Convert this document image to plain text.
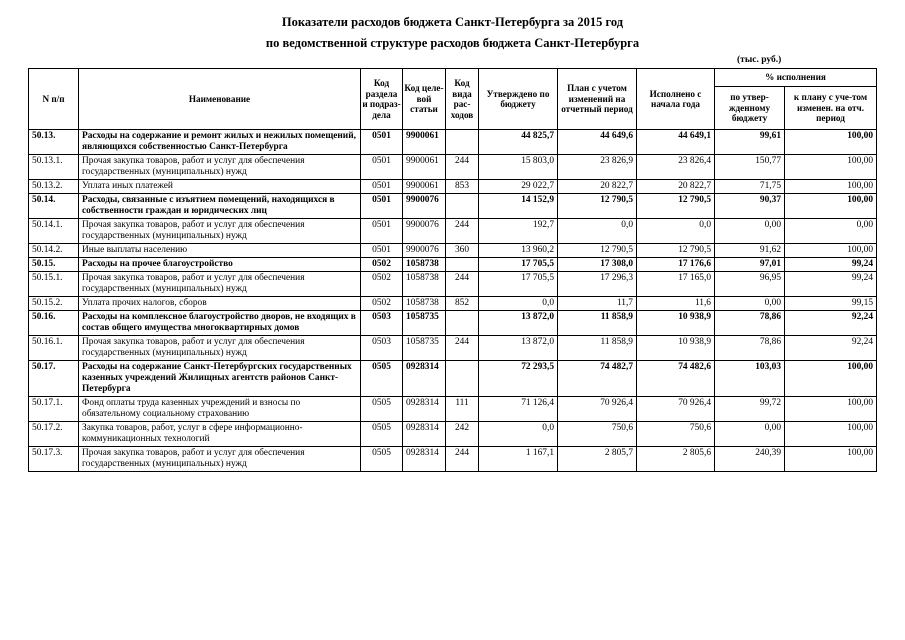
Показатели расходов бюджета Санкт-Петербурга за 2015 год
по ведомственной структуре расходов бюджета Санкт-Петербурга
(тыс. руб.)
N п/п	Наименование	Код раздела и подраз-дела	Код целе-вой статьи	Код вида рас-ходов	Утверждено по бюджету	План с учетом изменений на отчетный период	Исполнено с начала года	% исполнения	
								по утвер-жденному бюджету	к плану с уче-том изменен. на отч. период
50.13.	Расходы на содержание и ремонт жилых и нежилых помещений, являющихся собственностью Санкт-Петербурга	0501	9900061		44 825,7	44 649,6	44 649,1	99,61	100,00
50.13.1.	Прочая закупка товаров, работ и услуг для обеспечения государственных (муниципальных) нужд	0501	9900061	244	15 803,0	23 826,9	23 826,4	150,77	100,00
50.13.2.	Уплата иных платежей	0501	9900061	853	29 022,7	20 822,7	20 822,7	71,75	100,00
50.14.	Расходы, связанные с изъятием помещений, находящихся в собственности граждан и юридических лиц	0501	9900076		14 152,9	12 790,5	12 790,5	90,37	100,00
50.14.1.	Прочая закупка товаров, работ и услуг для обеспечения государственных (муниципальных) нужд	0501	9900076	244	192,7	0,0	0,0	0,00	0,00
50.14.2.	Иные выплаты населению	0501	9900076	360	13 960,2	12 790,5	12 790,5	91,62	100,00
50.15.	Расходы на прочее благоустройство	0502	1058738		17 705,5	17 308,0	17 176,6	97,01	99,24
50.15.1.	Прочая закупка товаров, работ и услуг для обеспечения государственных (муниципальных) нужд	0502	1058738	244	17 705,5	17 296,3	17 165,0	96,95	99,24
50.15.2.	Уплата прочих налогов, сборов	0502	1058738	852	0,0	11,7	11,6	0,00	99,15
50.16.	Расходы на комплексное благоустройство дворов, не входящих в состав общего имущества многоквартирных домов	0503	1058735		13 872,0	11 858,9	10 938,9	78,86	92,24
50.16.1.	Прочая закупка товаров, работ и услуг для обеспечения государственных (муниципальных) нужд	0503	1058735	244	13 872,0	11 858,9	10 938,9	78,86	92,24
50.17.	Расходы на содержание Санкт-Петербургских государственных казенных учреждений Жилищных агентств районов Санкт-Петербурга	0505	0928314		72 293,5	74 482,7	74 482,6	103,03	100,00
50.17.1.	Фонд оплаты труда казенных учреждений и взносы по обязательному социальному страхованию	0505	0928314	111	71 126,4	70 926,4	70 926,4	99,72	100,00
50.17.2.	Закупка товаров, работ, услуг в сфере информационно-коммуникационных технологий	0505	0928314	242	0,0	750,6	750,6	0,00	100,00
50.17.3.	Прочая закупка товаров, работ и услуг для обеспечения государственных (муниципальных) нужд	0505	0928314	244	1 167,1	2 805,7	2 805,6	240,39	100,00
